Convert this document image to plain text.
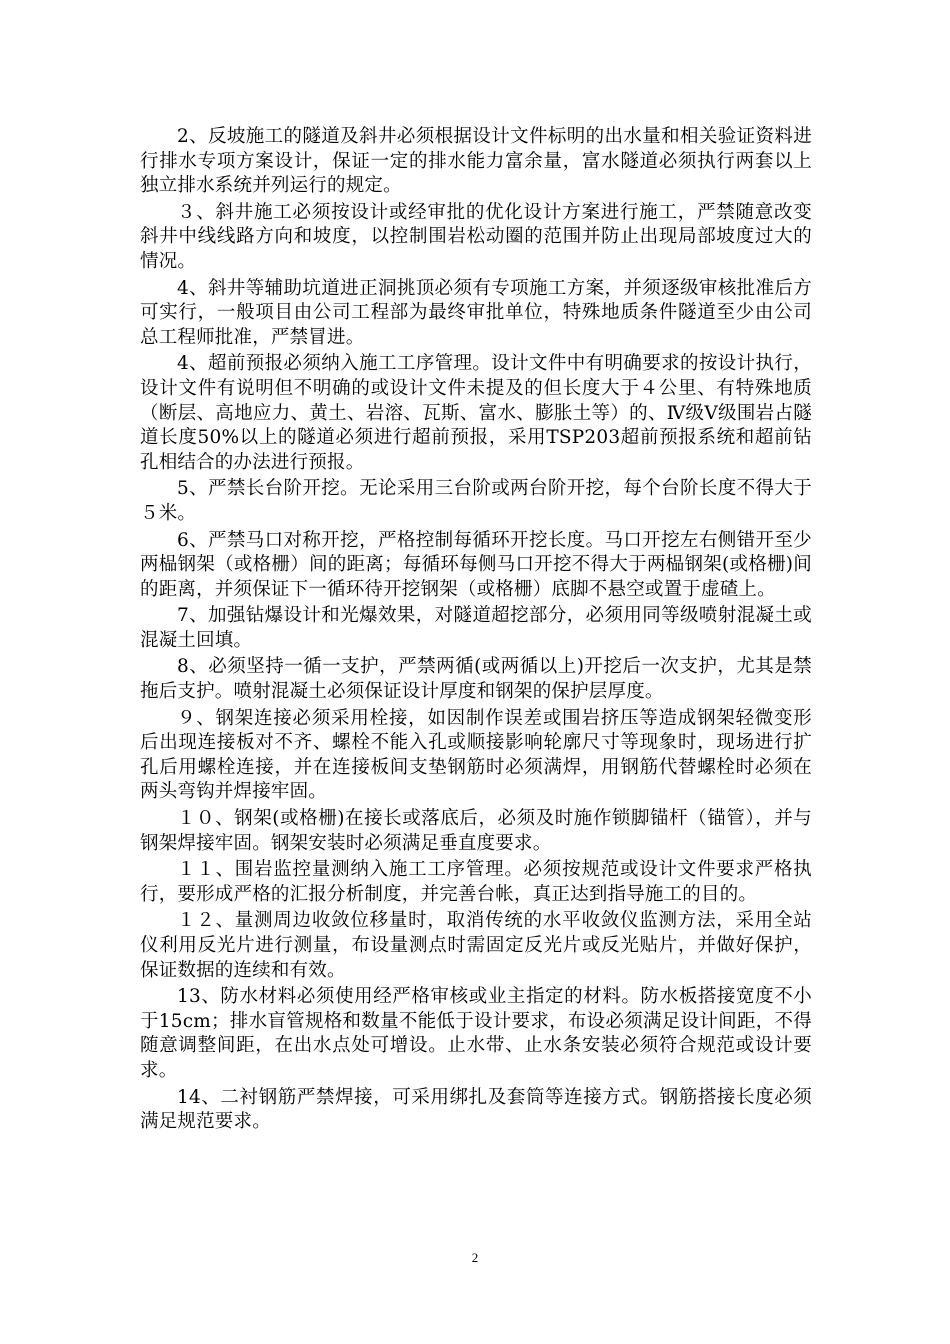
2、反坡施工的隧道及斜井必须根据设计文件标明的出水量和相关验证资料进行排水专项方案设计，保证一定的排水能力富余量，富水隧道必须执行两套以上独立排水系统并列运行的规定。

３、斜井施工必须按设计或经审批的优化设计方案进行施工，严禁随意改变斜井中线线路方向和坡度，以控制围岩松动圈的范围并防止出现局部坡度过大的情况。

4、斜井等辅助坑道进正洞挑顶必须有专项施工方案，并须逐级审核批准后方可实行，一般项目由公司工程部为最终审批单位，特殊地质条件隧道至少由公司总工程师批准，严禁冒进。

4、超前预报必须纳入施工工序管理。设计文件中有明确要求的按设计执行，设计文件有说明但不明确的或设计文件未提及的但长度大于４公里、有特殊地质（断层、高地应力、黄土、岩溶、瓦斯、富水、膨胀土等）的、Ⅳ级Ⅴ级围岩占隧道长度50%以上的隧道必须进行超前预报，采用TSP203超前预报系统和超前钻孔相结合的办法进行预报。

5、严禁长台阶开挖。无论采用三台阶或两台阶开挖，每个台阶长度不得大于５米。

6、严禁马口对称开挖，严格控制每循环开挖长度。马口开挖左右侧错开至少两榀钢架（或格栅）间的距离；每循环每侧马口开挖不得大于两榀钢架(或格栅)间的距离，并须保证下一循环待开挖钢架（或格栅）底脚不悬空或置于虚碴上。

7、加强钻爆设计和光爆效果，对隧道超挖部分，必须用同等级喷射混凝土或混凝土回填。

8、必须坚持一循一支护，严禁两循(或两循以上)开挖后一次支护，尤其是禁拖后支护。喷射混凝土必须保证设计厚度和钢架的保护层厚度。

９、钢架连接必须采用栓接，如因制作误差或围岩挤压等造成钢架轻微变形后出现连接板对不齐、螺栓不能入孔或顺接影响轮廓尺寸等现象时，现场进行扩孔后用螺栓连接，并在连接板间支垫钢筋时必须满焊，用钢筋代替螺栓时必须在两头弯钩并焊接牢固。

１０、钢架(或格栅)在接长或落底后，必须及时施作锁脚锚杆（锚管），并与钢架焊接牢固。钢架安装时必须满足垂直度要求。

１１、围岩监控量测纳入施工工序管理。必须按规范或设计文件要求严格执行，要形成严格的汇报分析制度，并完善台帐，真正达到指导施工的目的。

１２、量测周边收敛位移量时，取消传统的水平收敛仪监测方法，采用全站仪利用反光片进行测量，布设量测点时需固定反光片或反光贴片，并做好保护，保证数据的连续和有效。

13、防水材料必须使用经严格审核或业主指定的材料。防水板搭接宽度不小于15cm；排水盲管规格和数量不能低于设计要求，布设必须满足设计间距，不得随意调整间距，在出水点处可增设。止水带、止水条安装必须符合规范或设计要求。

14、二衬钢筋严禁焊接，可采用绑扎及套筒等连接方式。钢筋搭接长度必须满足规范要求。

2
